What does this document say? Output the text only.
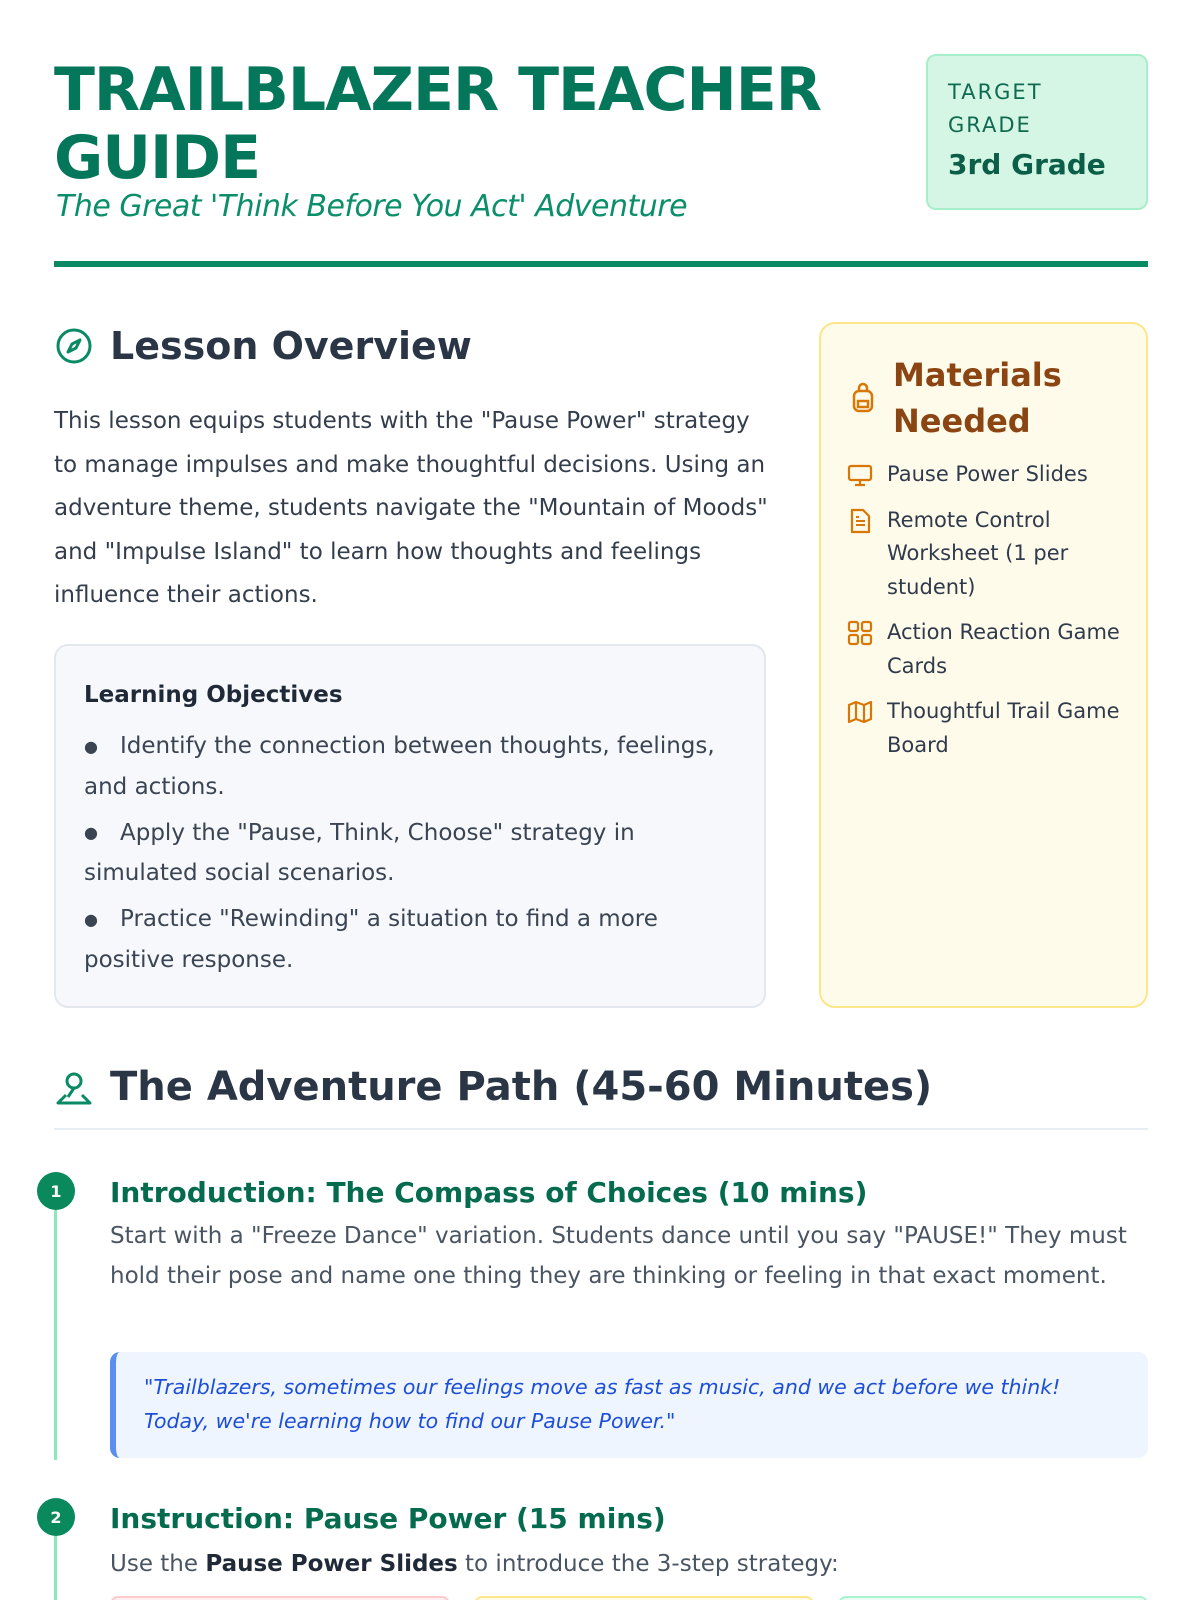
TRAILBLAZER TEACHER GUIDE
The Great 'Think Before You Act' Adventure
TARGET GRADE
3rd Grade
Lesson Overview
This lesson equips students with the "Pause Power" strategy to manage impulses and make thoughtful decisions. Using an adventure theme, students navigate the "Mountain of Moods" and "Impulse Island" to learn how thoughts and feelings influence their actions.
Learning Objectives
● Identify the connection between thoughts, feelings, and actions.
● Apply the "Pause, Think, Choose" strategy in simulated social scenarios.
● Practice "Rewinding" a situation to find a more positive response.
Materials Needed
Pause Power Slides
Remote Control Worksheet (1 per student)
Action Reaction Game Cards
Thoughtful Trail Game Board
The Adventure Path (45-60 Minutes)
1	Introduction: The Compass of Choices (10 mins)
Start with a "Freeze Dance" variation. Students dance until you say "PAUSE!" They must hold their pose and name one thing they are thinking or feeling in that exact moment.
"Trailblazers, sometimes our feelings move as fast as music, and we act before we think! Today, we're learning how to find our Pause Power."
2	Instruction: Pause Power (15 mins)
Use the Pause Power Slides to introduce the 3-step strategy:
